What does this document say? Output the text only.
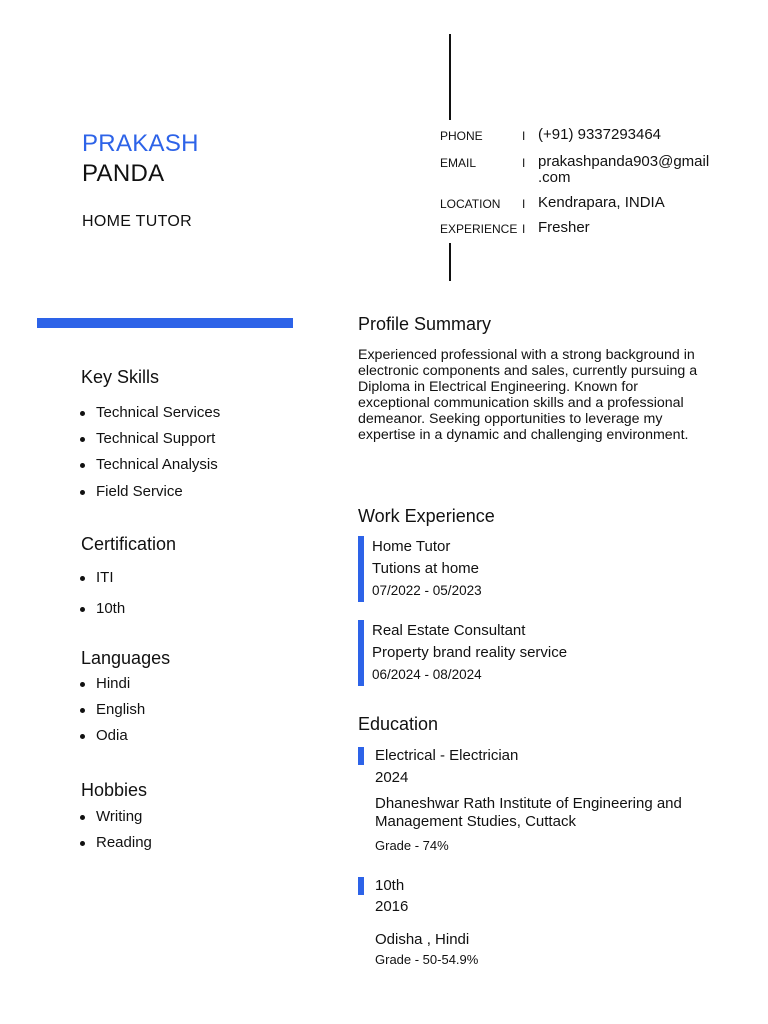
PRAKASH
PANDA
HOME TUTOR
PHONE	I (+91) 9337293464
EMAIL	I prakashpanda903@gmail
.com
LOCATION I Kendrapara, INDIA
EXPERIENCE I Fresher
Key Skills
Technical Services
Technical Support
Technical Analysis
Field Service
Certification
ITI
10th
Languages
Hindi
English
Odia
Hobbies
Writing
Reading
Profile Summary
Experienced professional with a strong background in electronic components and sales, currently pursuing a Diploma in Electrical Engineering. Known for exceptional communication skills and a professional demeanor. Seeking opportunities to leverage my expertise in a dynamic and challenging environment.
Work Experience
Home Tutor
Tutions at home
07/2022 - 05/2023
Real Estate Consultant
Property brand reality service
06/2024 - 08/2024
Education
Electrical - Electrician
2024
Dhaneshwar Rath Institute of Engineering and Management Studies, Cuttack
Grade - 74%
10th
2016
Odisha , Hindi
Grade - 50-54.9%
